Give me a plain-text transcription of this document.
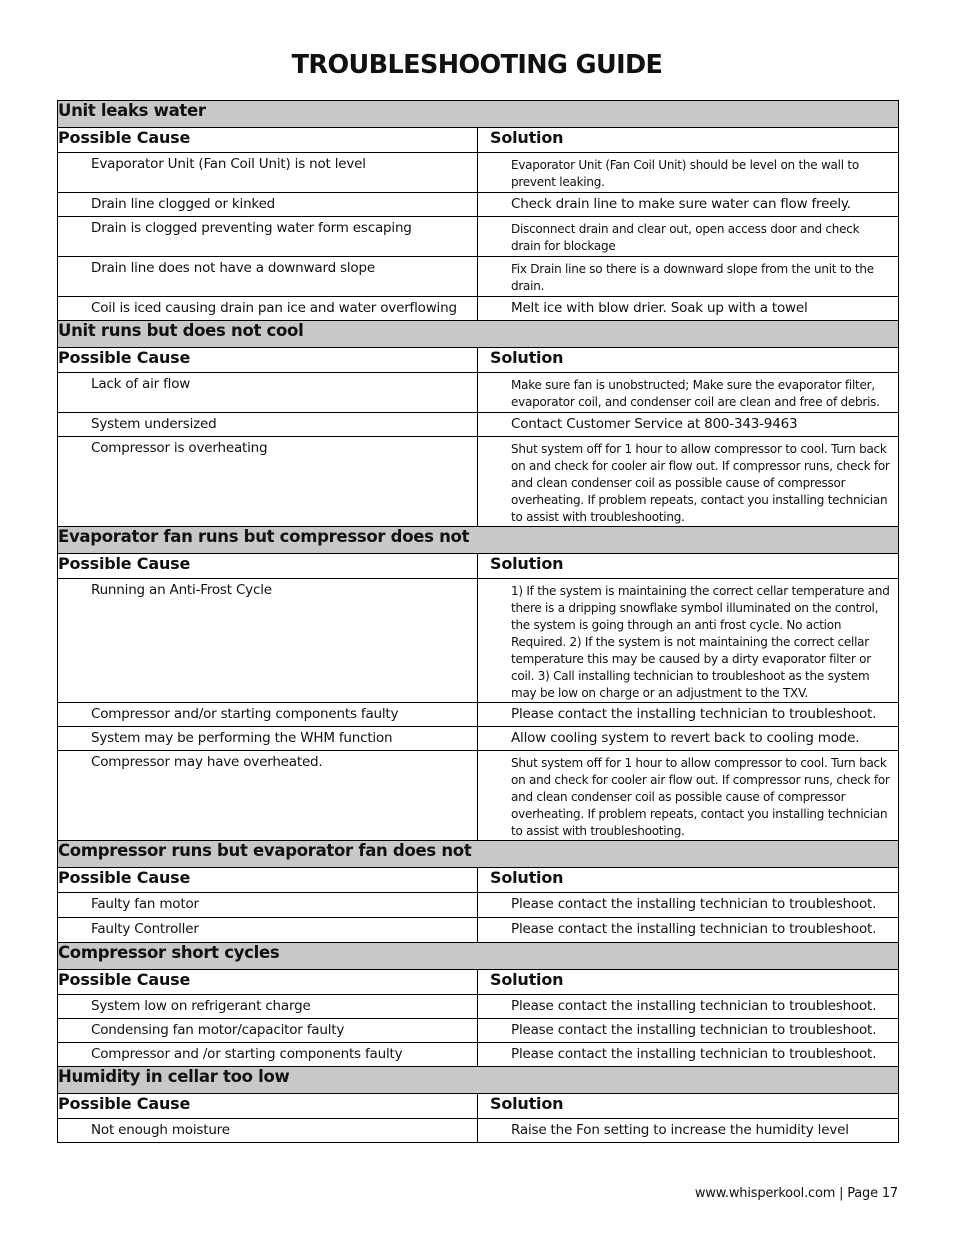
TROUBLESHOOTING GUIDE
Unit leaks water	
Possible Cause	Solution
Evaporator Unit (Fan Coil Unit) is not level	Evaporator Unit (Fan Coil Unit) should be level on the wall to prevent leaking.
Drain line clogged or kinked	Check drain line to make sure water can flow freely.
Drain is clogged preventing water form escaping	Disconnect drain and clear out, open access door and check drain for blockage
Drain line does not have a downward slope	Fix Drain line so there is a downward slope from the unit to the drain.
Coil is iced causing drain pan ice and water overflowing	Melt ice with blow drier. Soak up with a towel
Unit runs but does not cool	
Possible Cause	Solution
Lack of air flow	Make sure fan is unobstructed; Make sure the evaporator filter, evaporator coil, and condenser coil are clean and free of debris.
System undersized	Contact Customer Service at 800-343-9463
Compressor is overheating	Shut system off for 1 hour to allow compressor to cool. Turn back on and check for cooler air flow out. If compressor runs, check for and clean condenser coil as possible cause of compressor overheating. If problem repeats, contact you installing technician to assist with troubleshooting.
Evaporator fan runs but compressor does not	
Possible Cause	Solution
Running an Anti-Frost Cycle	1) If the system is maintaining the correct cellar temperature and there is a dripping snowflake symbol illuminated on the control, the system is going through an anti frost cycle. No action Required. 2) If the system is not maintaining the correct cellar temperature this may be caused by a dirty evaporator filter or coil. 3) Call installing technician to troubleshoot as the system may be low on charge or an adjustment to the TXV.
Compressor and/or starting components faulty	Please contact the installing technician to troubleshoot.
System may be performing the WHM function	Allow cooling system to revert back to cooling mode.
Compressor may have overheated.	Shut system off for 1 hour to allow compressor to cool. Turn back on and check for cooler air flow out. If compressor runs, check for and clean condenser coil as possible cause of compressor overheating. If problem repeats, contact you installing technician to assist with troubleshooting.
Compressor runs but evaporator fan does not	
Possible Cause	Solution
Faulty fan motor	Please contact the installing technician to troubleshoot.
Faulty Controller	Please contact the installing technician to troubleshoot.
Compressor short cycles	
Possible Cause	Solution
System low on refrigerant charge	Please contact the installing technician to troubleshoot.
Condensing fan motor/capacitor faulty	Please contact the installing technician to troubleshoot.
Compressor and /or starting components faulty	Please contact the installing technician to troubleshoot.
Humidity in cellar too low	
Possible Cause	Solution
Not enough moisture	Raise the Fon setting to increase the humidity level
www.whisperkool.com | Page 17
